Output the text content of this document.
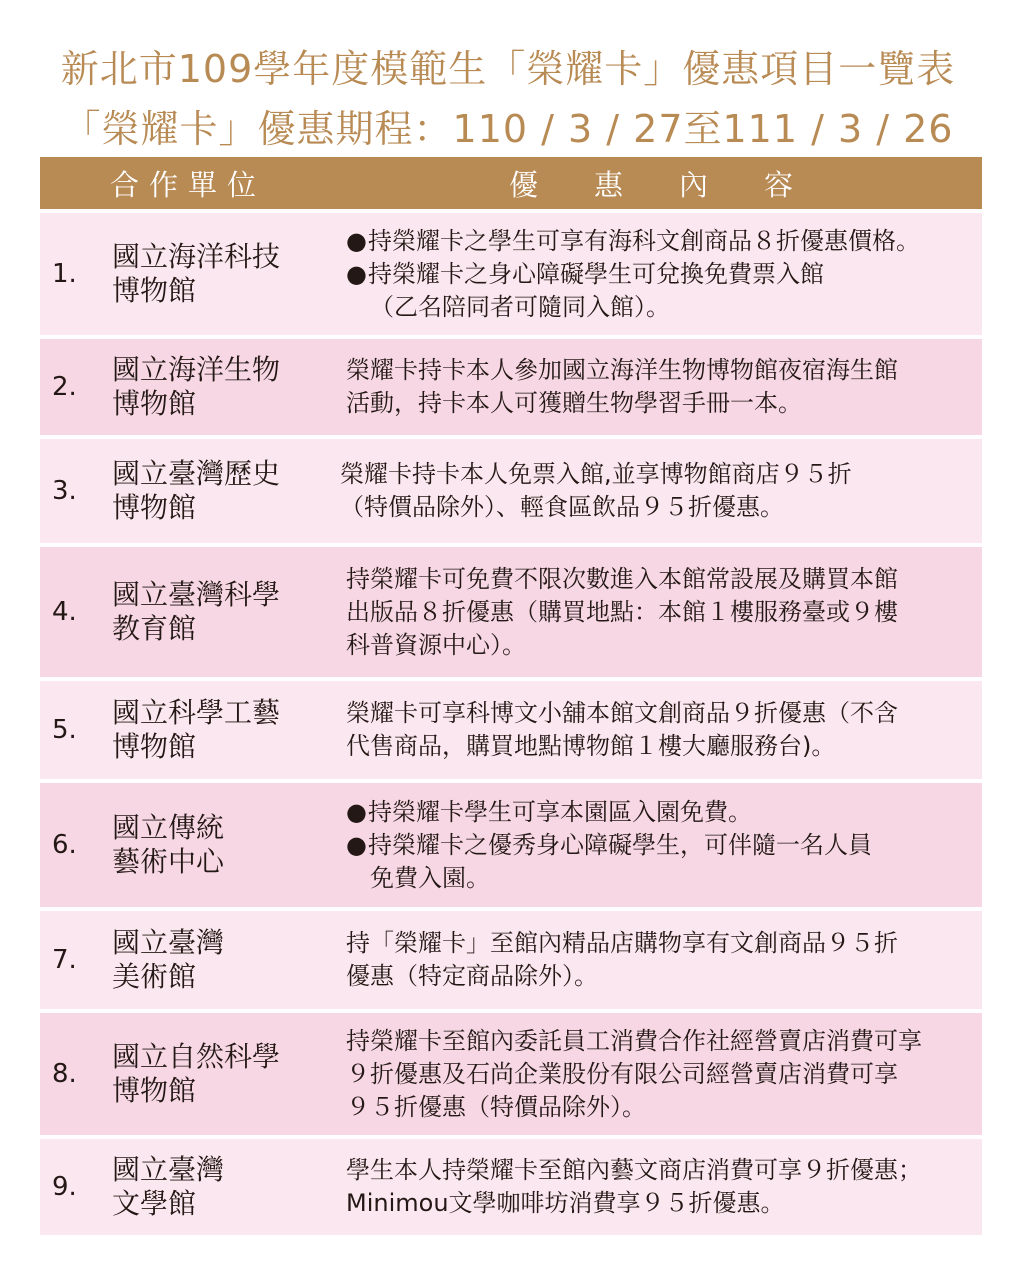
新北市109學年度模範生「榮耀卡」優惠項目一覽表
「榮耀卡」優惠期程：110 / 3 / 27至111 / 3 / 26
合作單位	優惠內容
1.
國立海洋科技
博物館
●持榮耀卡之學生可享有海科文創商品８折優惠價格。
●持榮耀卡之身心障礙學生可兌換免費票入館
（乙名陪同者可隨同入館）。
2.
國立海洋生物
博物館
榮耀卡持卡本人參加國立海洋生物博物館夜宿海生館
活動，持卡本人可獲贈生物學習手冊一本。
3.
國立臺灣歷史
博物館
榮耀卡持卡本人免票入館,並享博物館商店９５折
（特價品除外）、輕食區飲品９５折優惠。
4.
國立臺灣科學
教育館
持榮耀卡可免費不限次數進入本館常設展及購買本館
出版品８折優惠（購買地點：本館１樓服務臺或９樓
科普資源中心）。
5.
國立科學工藝
博物館
榮耀卡可享科博文小舖本館文創商品９折優惠（不含
代售商品，購買地點博物館１樓大廳服務台)。
6.
國立傳統
藝術中心
●持榮耀卡學生可享本園區入園免費。
●持榮耀卡之優秀身心障礙學生，可伴隨一名人員
免費入園。
7.
國立臺灣
美術館
持「榮耀卡」至館內精品店購物享有文創商品９５折
優惠（特定商品除外）。
8.
國立自然科學
博物館
持榮耀卡至館內委託員工消費合作社經營賣店消費可享
９折優惠及石尚企業股份有限公司經營賣店消費可享
９５折優惠（特價品除外）。
9.
國立臺灣
文學館
學生本人持榮耀卡至館內藝文商店消費可享９折優惠；
Minimou文學咖啡坊消費享９５折優惠。
